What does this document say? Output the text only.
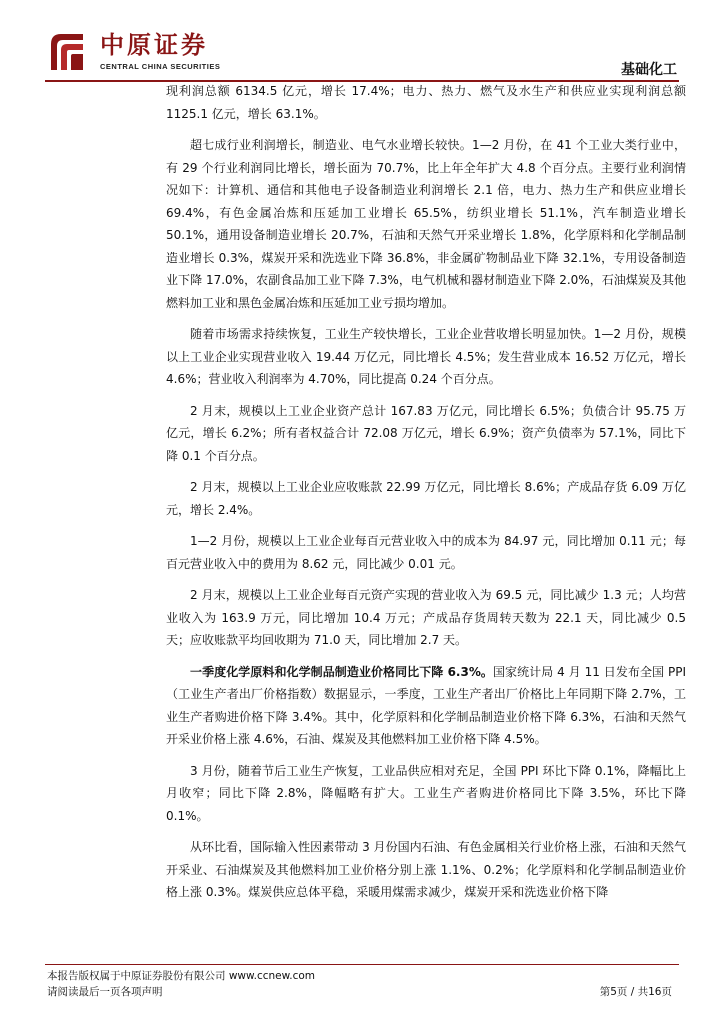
中原证券
CENTRAL CHINA SECURITIES	基础化工

现利润总额 6134.5 亿元，增长 17.4%；电力、热力、燃气及水生产和供应业实现利润总额 1125.1 亿元，增长 63.1%。

超七成行业利润增长，制造业、电气水业增长较快。1—2 月份，在 41 个工业大类行业中，有 29 个行业利润同比增长，增长面为 70.7%，比上年全年扩大 4.8 个百分点。主要行业利润情况如下：计算机、通信和其他电子设备制造业利润增长 2.1 倍，电力、热力生产和供应业增长 69.4%，有色金属冶炼和压延加工业增长 65.5%，纺织业增长 51.1%，汽车制造业增长 50.1%，通用设备制造业增长 20.7%，石油和天然气开采业增长 1.8%，化学原料和化学制品制造业增长 0.3%，煤炭开采和洗选业下降 36.8%，非金属矿物制品业下降 32.1%，专用设备制造业下降 17.0%，农副食品加工业下降 7.3%，电气机械和器材制造业下降 2.0%，石油煤炭及其他燃料加工业和黑色金属冶炼和压延加工业亏损均增加。

随着市场需求持续恢复，工业生产较快增长，工业企业营收增长明显加快。1—2 月份，规模以上工业企业实现营业收入 19.44 万亿元，同比增长 4.5%；发生营业成本 16.52 万亿元，增长 4.6%；营业收入利润率为 4.70%，同比提高 0.24 个百分点。

2 月末，规模以上工业企业资产总计 167.83 万亿元，同比增长 6.5%；负债合计 95.75 万亿元，增长 6.2%；所有者权益合计 72.08 万亿元，增长 6.9%；资产负债率为 57.1%，同比下降 0.1 个百分点。

2 月末，规模以上工业企业应收账款 22.99 万亿元，同比增长 8.6%；产成品存货 6.09 万亿元，增长 2.4%。

1—2 月份，规模以上工业企业每百元营业收入中的成本为 84.97 元，同比增加 0.11 元；每百元营业收入中的费用为 8.62 元，同比减少 0.01 元。

2 月末，规模以上工业企业每百元资产实现的营业收入为 69.5 元，同比减少 1.3 元；人均营业收入为 163.9 万元，同比增加 10.4 万元；产成品存货周转天数为 22.1 天，同比减少 0.5 天；应收账款平均回收期为 71.0 天，同比增加 2.7 天。

一季度化学原料和化学制品制造业价格同比下降 6.3%。国家统计局 4 月 11 日发布全国 PPI（工业生产者出厂价格指数）数据显示，一季度，工业生产者出厂价格比上年同期下降 2.7%，工业生产者购进价格下降 3.4%。其中，化学原料和化学制品制造业价格下降 6.3%，石油和天然气开采业价格上涨 4.6%，石油、煤炭及其他燃料加工业价格下降 4.5%。

3 月份，随着节后工业生产恢复，工业品供应相对充足，全国 PPI 环比下降 0.1%，降幅比上月收窄；同比下降 2.8%，降幅略有扩大。工业生产者购进价格同比下降 3.5%，环比下降 0.1%。

从环比看，国际输入性因素带动 3 月份国内石油、有色金属相关行业价格上涨，石油和天然气开采业、石油煤炭及其他燃料加工业价格分别上涨 1.1%、0.2%；化学原料和化学制品制造业价格上涨 0.3%。煤炭供应总体平稳，采暖用煤需求减少，煤炭开采和洗选业价格下降

本报告版权属于中原证券股份有限公司 www.ccnew.com
请阅读最后一页各项声明	第5页 / 共16页
